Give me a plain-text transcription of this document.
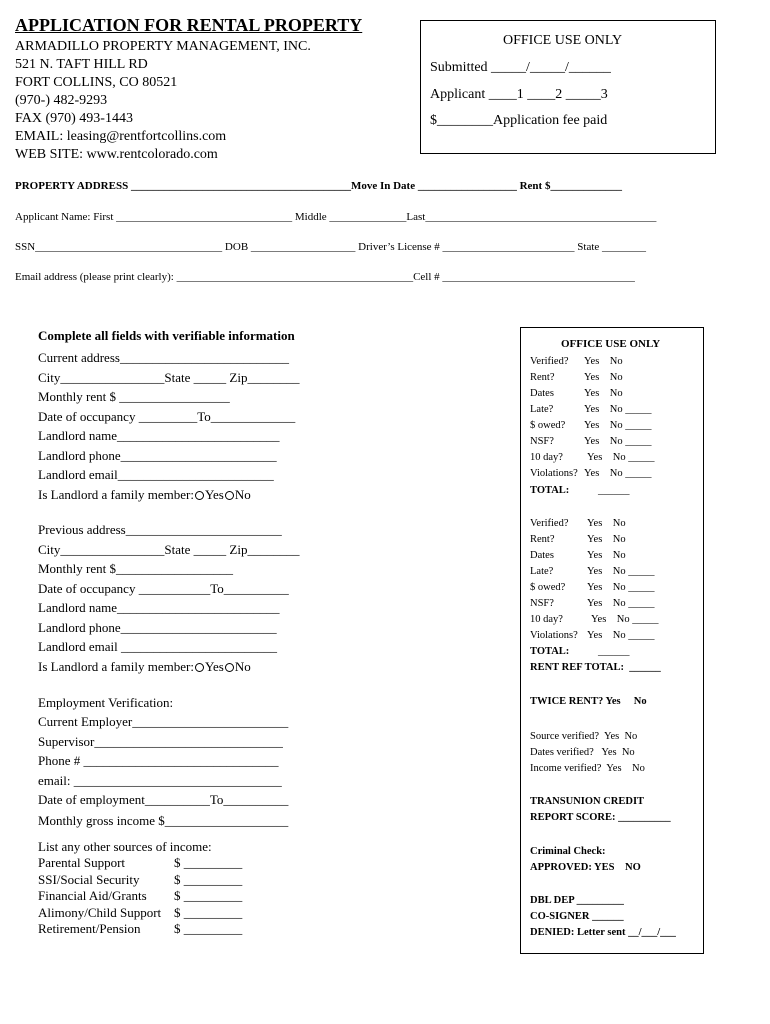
APPLICATION FOR RENTAL PROPERTY
ARMADILLO PROPERTY MANAGEMENT, INC.
521 N. TAFT HILL RD
FORT COLLINS, CO 80521
(970-) 482-9293
FAX (970) 493-1443
EMAIL: leasing@rentfortcollins.com
WEB SITE: www.rentcolorado.com
OFFICE USE ONLY
Submitted _____/_____/______
Applicant ____1 ____2 _____3
$________Application fee paid
PROPERTY ADDRESS ________________________________________Move In Date __________________ Rent $_____________
Applicant Name: First ________________________________ Middle ______________Last__________________________________________
SSN__________________________________ DOB ___________________ Driver’s License # ________________________ State ________
Email address (please print clearly): ___________________________________________Cell # ___________________________________
Complete all fields with verifiable information
Current address__________________________
City________________State _____ Zip________
Monthly rent $ _________________
Date of occupancy _________To_____________
Landlord name_________________________
Landlord phone________________________
Landlord email________________________
Is Landlord a family member: Yes No
Previous address________________________
City________________State _____ Zip________
Monthly rent $__________________
Date of occupancy ___________To__________
Landlord name_________________________
Landlord phone________________________
Landlord email ________________________
Is Landlord a family member: Yes No
Employment Verification:
Current Employer________________________
Supervisor_____________________________
Phone # ______________________________
email: ________________________________
Date of employment__________To__________
Monthly gross income $___________________
List any other sources of income:
Parental Support	$ _________
SSI/Social Security	$ _________
Financial Aid/Grants $ _________
Alimony/Child Support $ _________
Retirement/Pension	$ _________
OFFICE USE ONLY
Verified? Yes    No
Rent?	Yes    No
Dates	Yes    No
Late?	Yes    No _____
$ owed? Yes    No _____
NSF?	Yes    No _____
10 day? Yes    No _____
Violations? Yes    No _____
TOTAL:	______
Verified? Yes    No
Rent?	Yes    No
Dates	Yes    No
Late?	Yes    No _____
$ owed? Yes    No _____
NSF?	Yes    No _____
10 day?	Yes    No _____
Violations? Yes    No _____
TOTAL:	______
RENT REF TOTAL:  ______
TWICE RENT? Yes     No
Source verified?  Yes  No
Dates verified?   Yes  No
Income verified?  Yes    No
TRANSUNION CREDIT
REPORT SCORE: __________
Criminal Check:
APPROVED: YES    NO
DBL DEP _________
CO-SIGNER ______
DENIED: Letter sent __/___/___
